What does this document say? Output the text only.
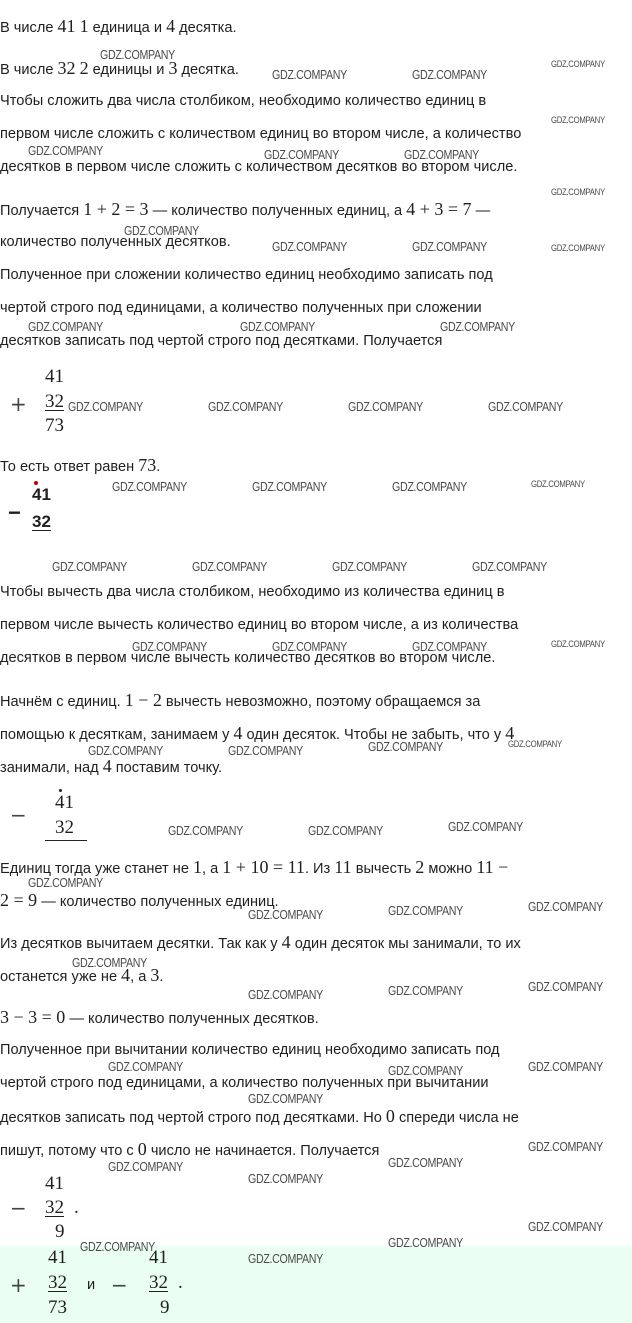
В числе 41 1 единица и 4 десятка.

В числе 32 2 единицы и 3 десятка.

Чтобы сложить два числа столбиком, необходимо количество единиц в

первом числе сложить с количеством единиц во втором числе, а количество

десятков в первом числе сложить с количеством десятков во втором числе.

Получается 1 + 2 = 3 — количество полученных единиц, а 4 + 3 = 7 —

количество полученных десятков.

Полученное при сложении количество единиц необходимо записать под

чертой строго под единицами, а количество полученных при сложении

десятков записать под чертой строго под десятками. Получается

+
41
32
73

То есть ответ равен 73.

−
41
32

Чтобы вычесть два числа столбиком, необходимо из количества единиц в

первом числе вычесть количество единиц во втором числе, а из количества

десятков в первом числе вычесть количество десятков во втором числе.

Начнём с единиц. 1 − 2 вычесть невозможно, поэтому обращаемся за

помощью к десяткам, занимаем у 4 один десяток. Чтобы не забыть, что у 4

занимали, над 4 поставим точку.

−
41
32

Единиц тогда уже станет не 1, а 1 + 10 = 11. Из 11 вычесть 2 можно 11 −

2 = 9 — количество полученных единиц.

Из десятков вычитаем десятки. Так как у 4 один десяток мы занимали, то их

останется уже не 4, а 3.

3 − 3 = 0 — количество полученных десятков.

Полученное при вычитании количество единиц необходимо записать под

чертой строго под единицами, а количество полученных при вычитании

десятков записать под чертой строго под десятками. Но 0 спереди числа не

пишут, потому что с 0 число не начинается. Получается

−
41
32 .
9
+
41
32
73
и −
41
32 .
9
GDZ.COMPANY
GDZ.COMPANY	GDZ.COMPANY
GDZ.COMPANY
GDZ.COMPANY
GDZ.COMPANY	GDZ.COMPANY	GDZ.COMPANY
GDZ.COMPANY
GDZ.COMPANY
GDZ.COMPANY	GDZ.COMPANY	GDZ.COMPANY
GDZ.COMPANY	GDZ.COMPANY	GDZ.COMPANY
GDZ.COMPANY	GDZ.COMPANY	GDZ.COMPANY	GDZ.COMPANY
GDZ.COMPANY	GDZ.COMPANY	GDZ.COMPANY	GDZ.COMPANY
GDZ.COMPANY	GDZ.COMPANY	GDZ.COMPANY	GDZ.COMPANY
GDZ.COMPANY	GDZ.COMPANY	GDZ.COMPANY	GDZ.COMPANY
GDZ.COMPANY	GDZ.COMPANY	GDZ.COMPANY	GDZ.COMPANY
GDZ.COMPANY	GDZ.COMPANY	GDZ.COMPANY
GDZ.COMPANY
GDZ.COMPANY	GDZ.COMPANY	GDZ.COMPANY
GDZ.COMPANY
GDZ.COMPANY	GDZ.COMPANY	GDZ.COMPANY
GDZ.COMPANY	GDZ.COMPANY	GDZ.COMPANY
GDZ.COMPANY
GDZ.COMPANY
GDZ.COMPANY	GDZ.COMPANY
GDZ.COMPANY
GDZ.COMPANY
GDZ.COMPANY	GDZ.COMPANY
GDZ.COMPANY
